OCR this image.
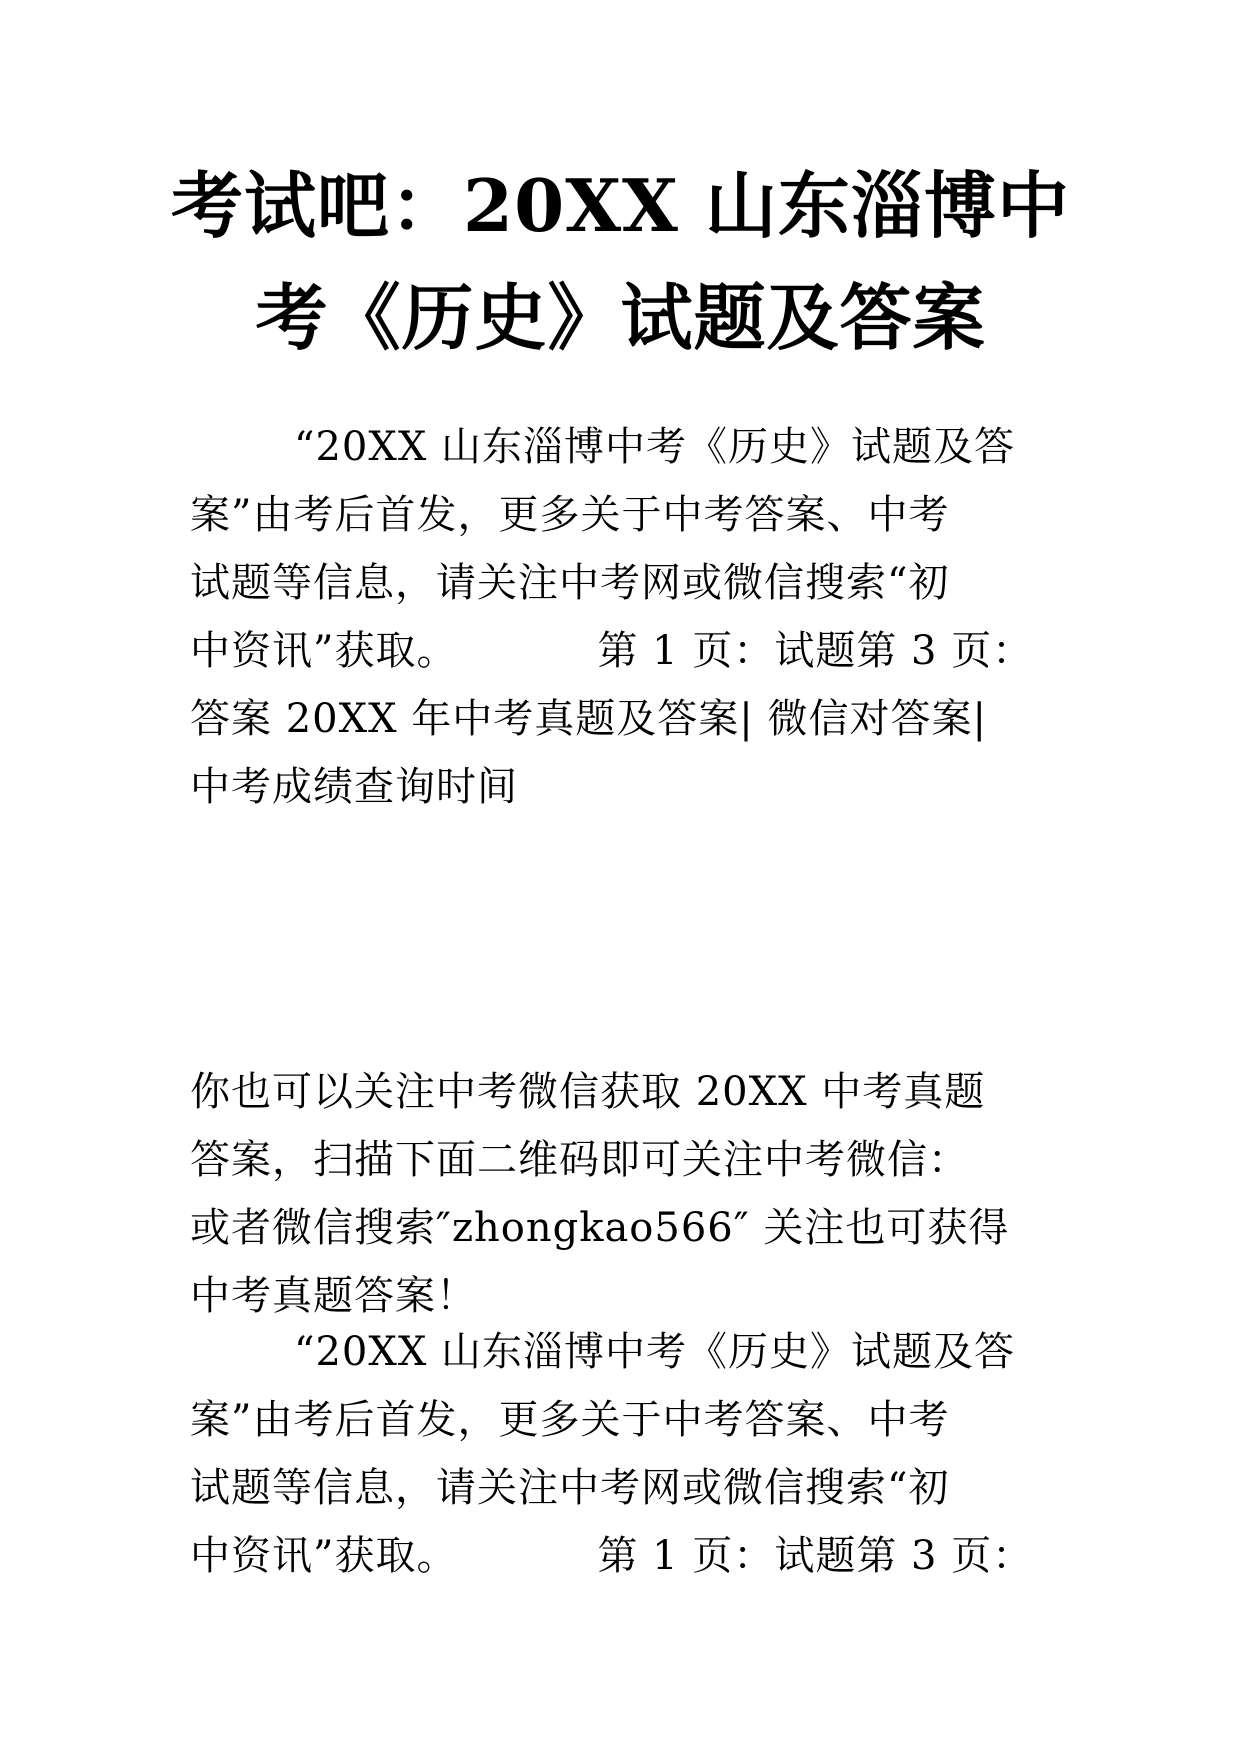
考试吧：20XX 山东淄博中
考《历史》试题及答案

“20XX 山东淄博中考《历史》试题及答
案”由考后首发，更多关于中考答案、中考
试题等信息，请关注中考网或微信搜索“初
中资讯”获取。	第 1 页：试题第 3 页：
答案 20XX 年中考真题及答案| 微信对答案|
中考成绩查询时间

你也可以关注中考微信获取 20XX 中考真题
答案，扫描下面二维码即可关注中考微信：
或者微信搜索″zhongkao566″ 关注也可获得
中考真题答案！

“20XX 山东淄博中考《历史》试题及答
案”由考后首发，更多关于中考答案、中考
试题等信息，请关注中考网或微信搜索“初
中资讯”获取。	第 1 页：试题第 3 页：
